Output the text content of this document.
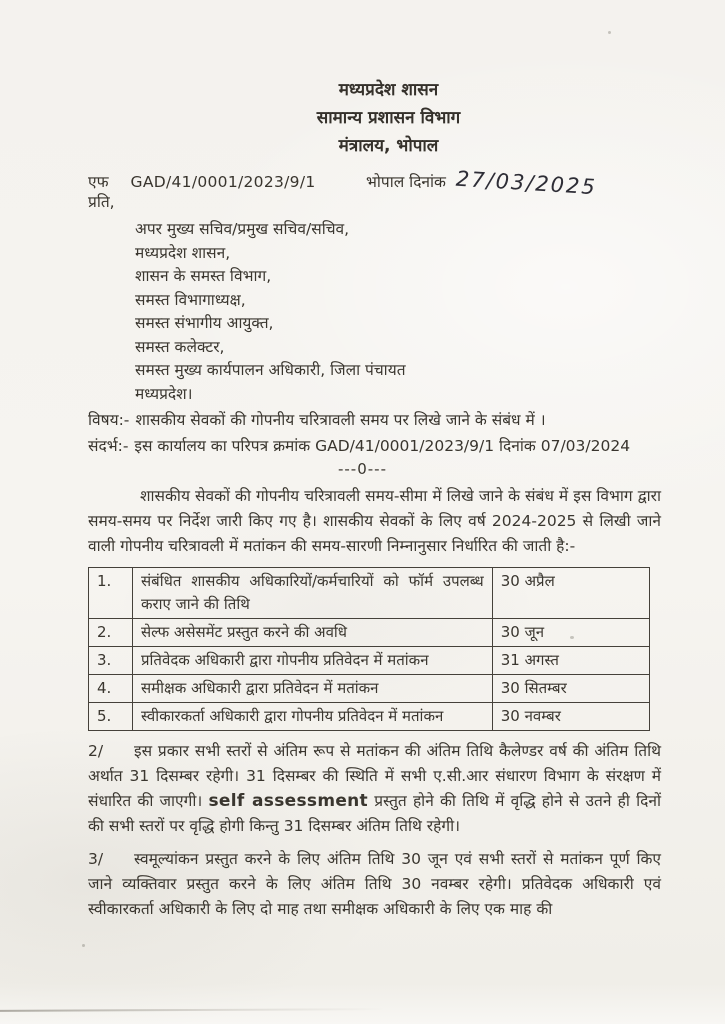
मध्यप्रदेश शासन
सामान्य प्रशासन विभाग
मंत्रालय, भोपाल
एफ GAD/41/0001/2023/9/1	भोपाल दिनांक 27/03/2025
प्रति,
अपर मुख्य सचिव/प्रमुख सचिव/सचिव,
मध्यप्रदेश शासन,
शासन के समस्त विभाग,
समस्त विभागाध्यक्ष,
समस्त संभागीय आयुक्त,
समस्त कलेक्टर,
समस्त मुख्य कार्यपालन अधिकारी, जिला पंचायत
मध्यप्रदेश।
विषय:- शासकीय सेवकों की गोपनीय चरित्रावली समय पर लिखे जाने के संबंध में ।
संदर्भ:- इस कार्यालय का परिपत्र क्रमांक GAD/41/0001/2023/9/1 दिनांक 07/03/2024
---0---

शासकीय सेवकों की गोपनीय चरित्रावली समय-सीमा में लिखे जाने के संबंध में इस विभाग द्वारा समय-समय पर निर्देश जारी किए गए है। शासकीय सेवकों के लिए वर्ष 2024-2025 से लिखी जाने वाली गोपनीय चरित्रावली में मतांकन की समय-सारणी निम्नानुसार निर्धारित की जाती है:-

1.	संबंधित शासकीय अधिकारियों/कर्मचारियों को फॉर्म उपलब्ध कराए जाने की तिथि	30 अप्रैल
2.	सेल्फ असेसमेंट प्रस्तुत करने की अवधि	30 जून
3.	प्रतिवेदक अधिकारी द्वारा गोपनीय प्रतिवेदन में मतांकन	31 अगस्त
4.	समीक्षक अधिकारी द्वारा प्रतिवेदन में मतांकन	30 सितम्बर
5.	स्वीकारकर्ता अधिकारी द्वारा गोपनीय प्रतिवेदन में मतांकन	30 नवम्बर

2/ इस प्रकार सभी स्तरों से अंतिम रूप से मतांकन की अंतिम तिथि कैलेण्डर वर्ष की अंतिम तिथि अर्थात 31 दिसम्बर रहेगी। 31 दिसम्बर की स्थिति में सभी ए.सी.आर संधारण विभाग के संरक्षण में संधारित की जाएगी। self assessment प्रस्तुत होने की तिथि में वृद्धि होने से उतने ही दिनों की सभी स्तरों पर वृद्धि होगी किन्तु 31 दिसम्बर अंतिम तिथि रहेगी।

3/ स्वमूल्यांकन प्रस्तुत करने के लिए अंतिम तिथि 30 जून एवं सभी स्तरों से मतांकन पूर्ण किए जाने व्यक्तिवार प्रस्तुत करने के लिए अंतिम तिथि 30 नवम्बर रहेगी। प्रतिवेदक अधिकारी एवं स्वीकारकर्ता अधिकारी के लिए दो माह तथा समीक्षक अधिकारी के लिए एक माह की
